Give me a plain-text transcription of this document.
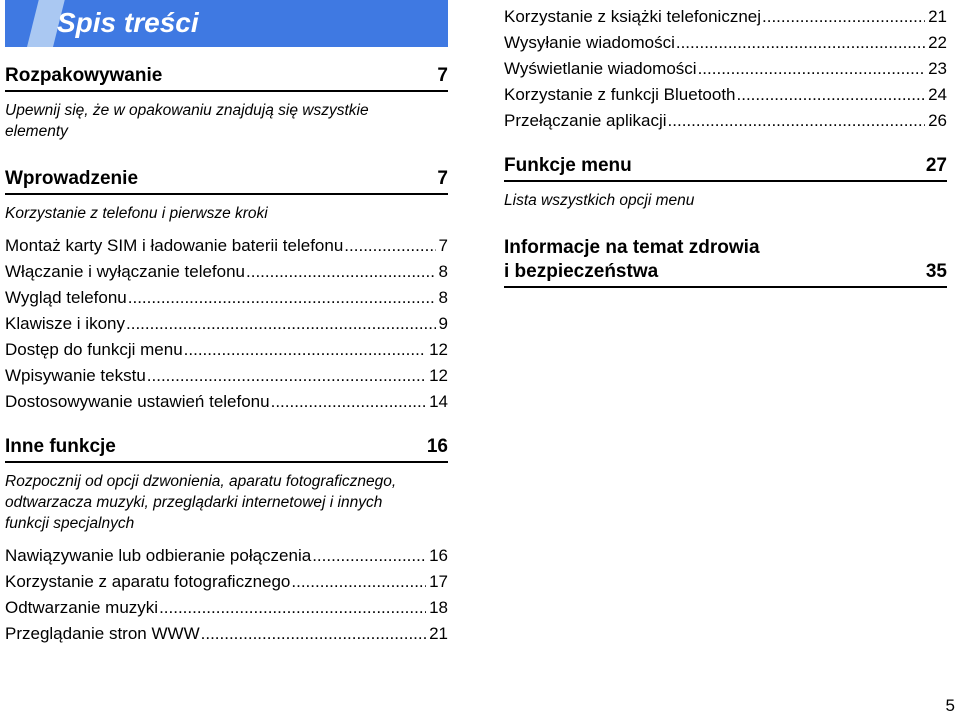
Spis treści
Rozpakowywanie	7
Upewnij się, że w opakowaniu znajdują się wszystkie elementy
Wprowadzenie	7
Korzystanie z telefonu i pierwsze kroki
Montaż karty SIM i ładowanie baterii telefonu .....	7
Włączanie i wyłączanie telefonu .....	8
Wygląd telefonu .....	8
Klawisze i ikony .....	9
Dostęp do funkcji menu .....	12
Wpisywanie tekstu .....	12
Dostosowywanie ustawień telefonu .....	14
Inne funkcje	16
Rozpocznij od opcji dzwonienia, aparatu fotograficznego, odtwarzacza muzyki, przeglądarki internetowej i innych funkcji specjalnych
Nawiązywanie lub odbieranie połączenia .....	16
Korzystanie z aparatu fotograficznego .....	17
Odtwarzanie muzyki .....	18
Przeglądanie stron WWW .....	21
Korzystanie z książki telefonicznej .....	21
Wysyłanie wiadomości .....	22
Wyświetlanie wiadomości .....	23
Korzystanie z funkcji Bluetooth .....	24
Przełączanie aplikacji .....	26
Funkcje menu	27
Lista wszystkich opcji menu
Informacje na temat zdrowia
i bezpieczeństwa	35
5
